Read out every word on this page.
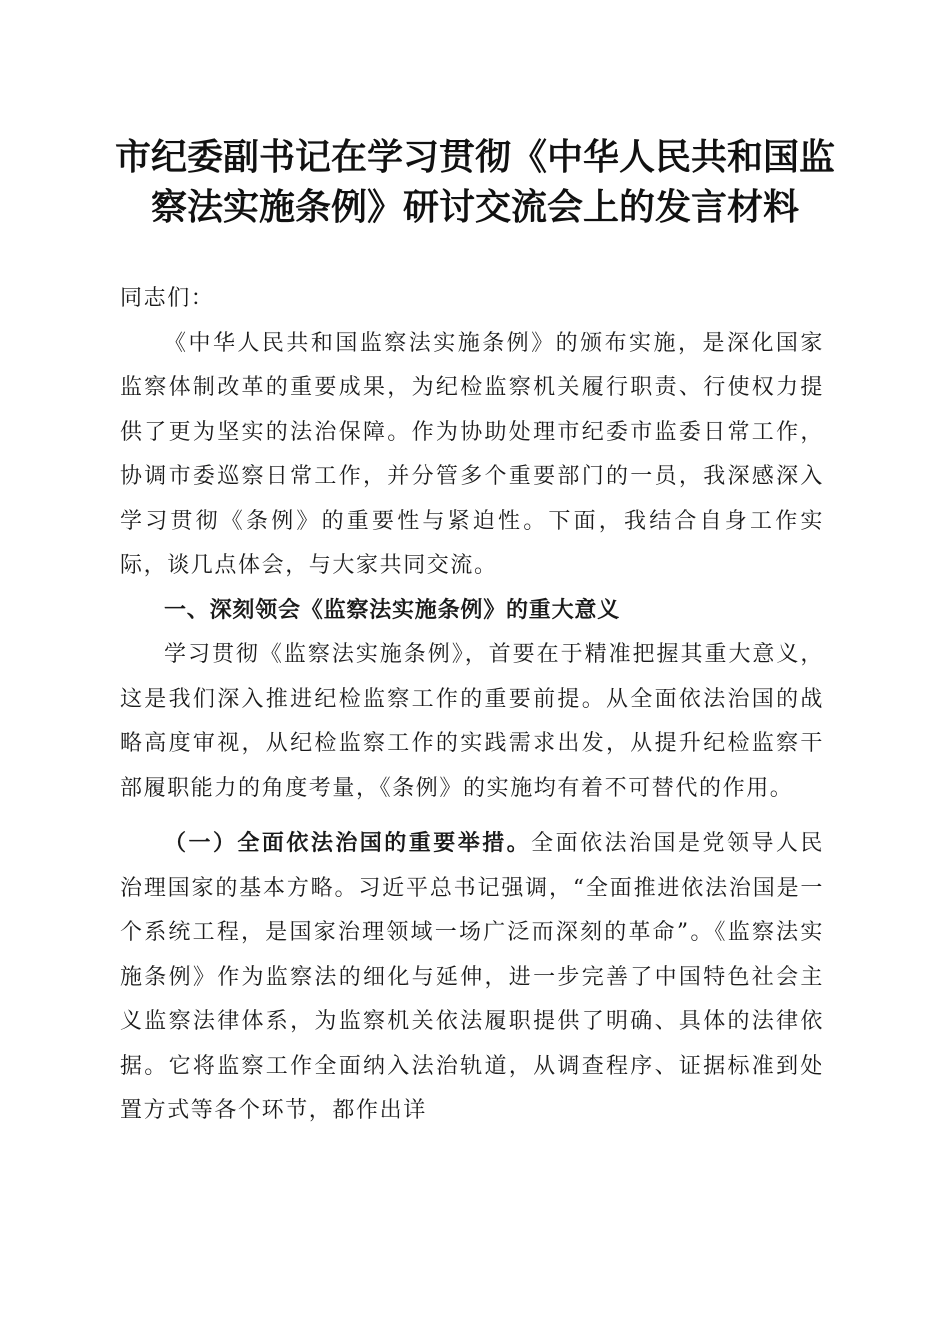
市纪委副书记在学习贯彻《中华人民共和国监
察法实施条例》研讨交流会上的发言材料

同志们：

《中华人民共和国监察法实施条例》的颁布实施，是深化国家监察体制改革的重要成果，为纪检监察机关履行职责、行使权力提供了更为坚实的法治保障。作为协助处理市纪委市监委日常工作，协调市委巡察日常工作，并分管多个重要部门的一员，我深感深入学习贯彻《条例》的重要性与紧迫性。下面，我结合自身工作实际，谈几点体会，与大家共同交流。

一、深刻领会《监察法实施条例》的重大意义

学习贯彻《监察法实施条例》，首要在于精准把握其重大意义，这是我们深入推进纪检监察工作的重要前提。从全面依法治国的战略高度审视，从纪检监察工作的实践需求出发，从提升纪检监察干部履职能力的角度考量，《条例》的实施均有着不可替代的作用。

（一）全面依法治国的重要举措。全面依法治国是党领导人民治理国家的基本方略。习近平总书记强调，“全面推进依法治国是一个系统工程，是国家治理领域一场广泛而深刻的革命”。《监察法实施条例》作为监察法的细化与延伸，进一步完善了中国特色社会主义监察法律体系，为监察机关依法履职提供了明确、具体的法律依据。它将监察工作全面纳入法治轨道，从调查程序、证据标准到处置方式等各个环节，都作出详
